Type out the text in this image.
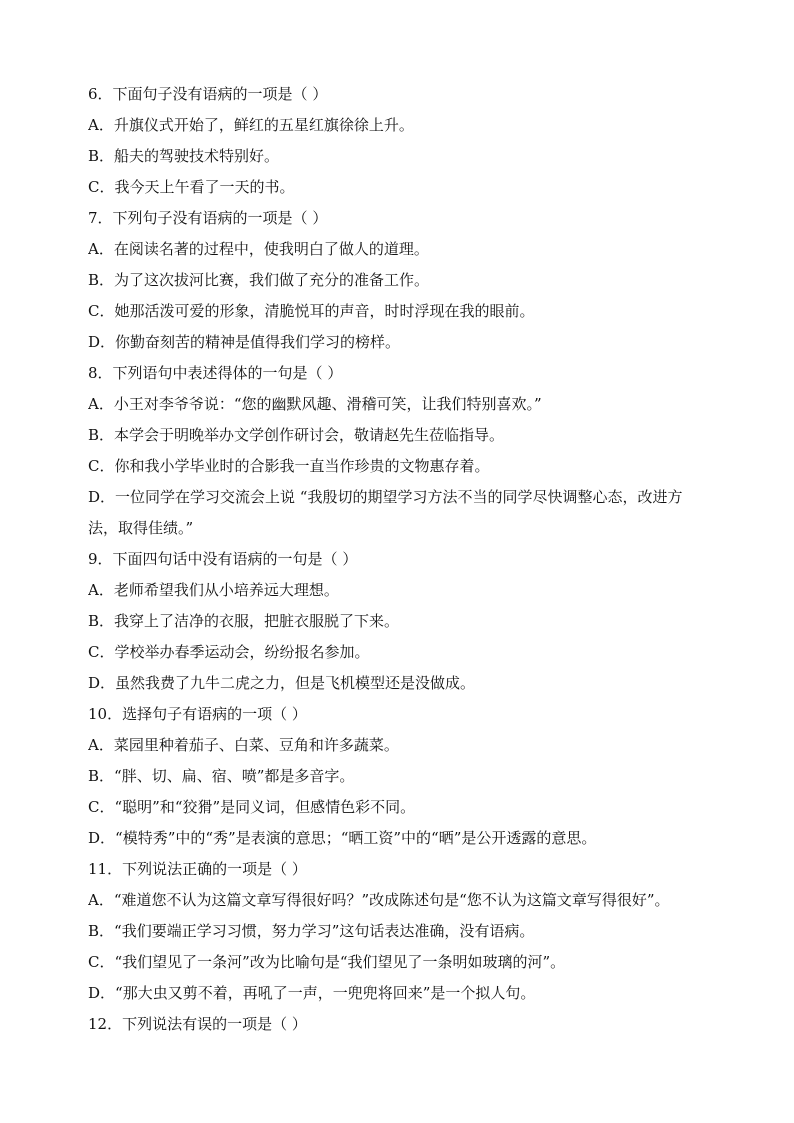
6．下面句子没有语病的一项是（ ）
A．升旗仪式开始了，鲜红的五星红旗徐徐上升。
B．船夫的驾驶技术特别好。
C．我今天上午看了一天的书。
7．下列句子没有语病的一项是（ ）
A．在阅读名著的过程中，使我明白了做人的道理。
B．为了这次拔河比赛，我们做了充分的准备工作。
C．她那活泼可爱的形象，清脆悦耳的声音，时时浮现在我的眼前。
D．你勤奋刻苦的精神是值得我们学习的榜样。
8．下列语句中表述得体的一句是（ ）
A．小王对李爷爷说：“您的幽默风趣、滑稽可笑，让我们特别喜欢。”
B．本学会于明晚举办文学创作研讨会，敬请赵先生莅临指导。
C．你和我小学毕业时的合影我一直当作珍贵的文物惠存着。
D．一位同学在学习交流会上说 “我殷切的期望学习方法不当的同学尽快调整心态，改进方法，取得佳绩。”
9．下面四句话中没有语病的一句是（ ）
A．老师希望我们从小培养远大理想。
B．我穿上了洁净的衣服，把脏衣服脱了下来。
C．学校举办春季运动会，纷纷报名参加。
D．虽然我费了九牛二虎之力，但是飞机模型还是没做成。
10．选择句子有语病的一项（ ）
A．菜园里种着茄子、白菜、豆角和许多蔬菜。
B．“胖、切、扁、宿、喷”都是多音字。
C．“聪明”和“狡猾”是同义词，但感情色彩不同。
D．“模特秀”中的“秀”是表演的意思；“晒工资”中的“晒”是公开透露的意思。
11．下列说法正确的一项是（ ）
A．“难道您不认为这篇文章写得很好吗？”改成陈述句是“您不认为这篇文章写得很好”。
B．“我们要端正学习习惯，努力学习”这句话表达准确，没有语病。
C．“我们望见了一条河”改为比喻句是“我们望见了一条明如玻璃的河”。
D．“那大虫又剪不着，再吼了一声，一兜兜将回来”是一个拟人句。
12．下列说法有误的一项是（ ）
